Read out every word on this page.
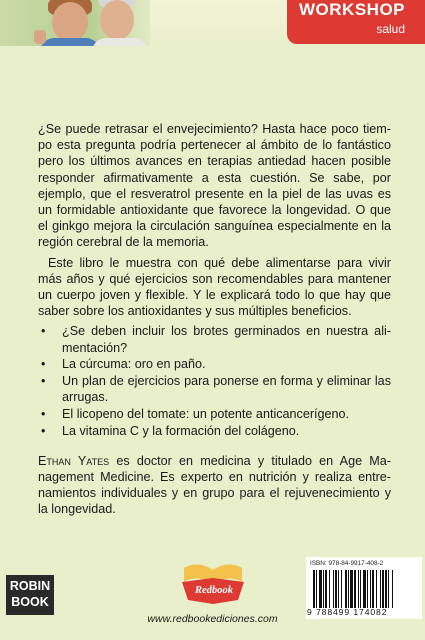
WORKSHOP
salud

¿Se puede retrasar el envejecimiento? Hasta hace poco tiempo esta pregunta podría pertenecer al ámbito de lo fantástico pero los últimos avances en terapias antiedad hacen posible responder afirmativamente a esta cuestión. Se sabe, por ejemplo, que el resveratrol presente en la piel de las uvas es un formidable antioxidante que favorece la longevidad. O que el ginkgo mejora la circulación sanguínea especialmente en la región cerebral de la memoria.

Este libro le muestra con qué debe alimentarse para vivir más años y qué ejercicios son recomendables para mantener un cuerpo joven y flexible. Y le explicará todo lo que hay que saber sobre los antioxidantes y sus múltiples beneficios.

• ¿Se deben incluir los brotes germinados en nuestra alimentación?
• La cúrcuma: oro en paño.
• Un plan de ejercicios para ponerse en forma y eliminar las arrugas.
• El licopeno del tomate: un potente anticancerígeno.
• La vitamina C y la formación del colágeno.

Ethan Yates es doctor en medicina y titulado en Age Management Medicine. Es experto en nutrición y realiza entrenamientos individuales y en grupo para el rejuvenecimiento y la longevidad.

ROBIN
BOOK
Redbook
www.redbookediciones.com
ISBN: 978-84-9917-408-2
9 788499 174082
